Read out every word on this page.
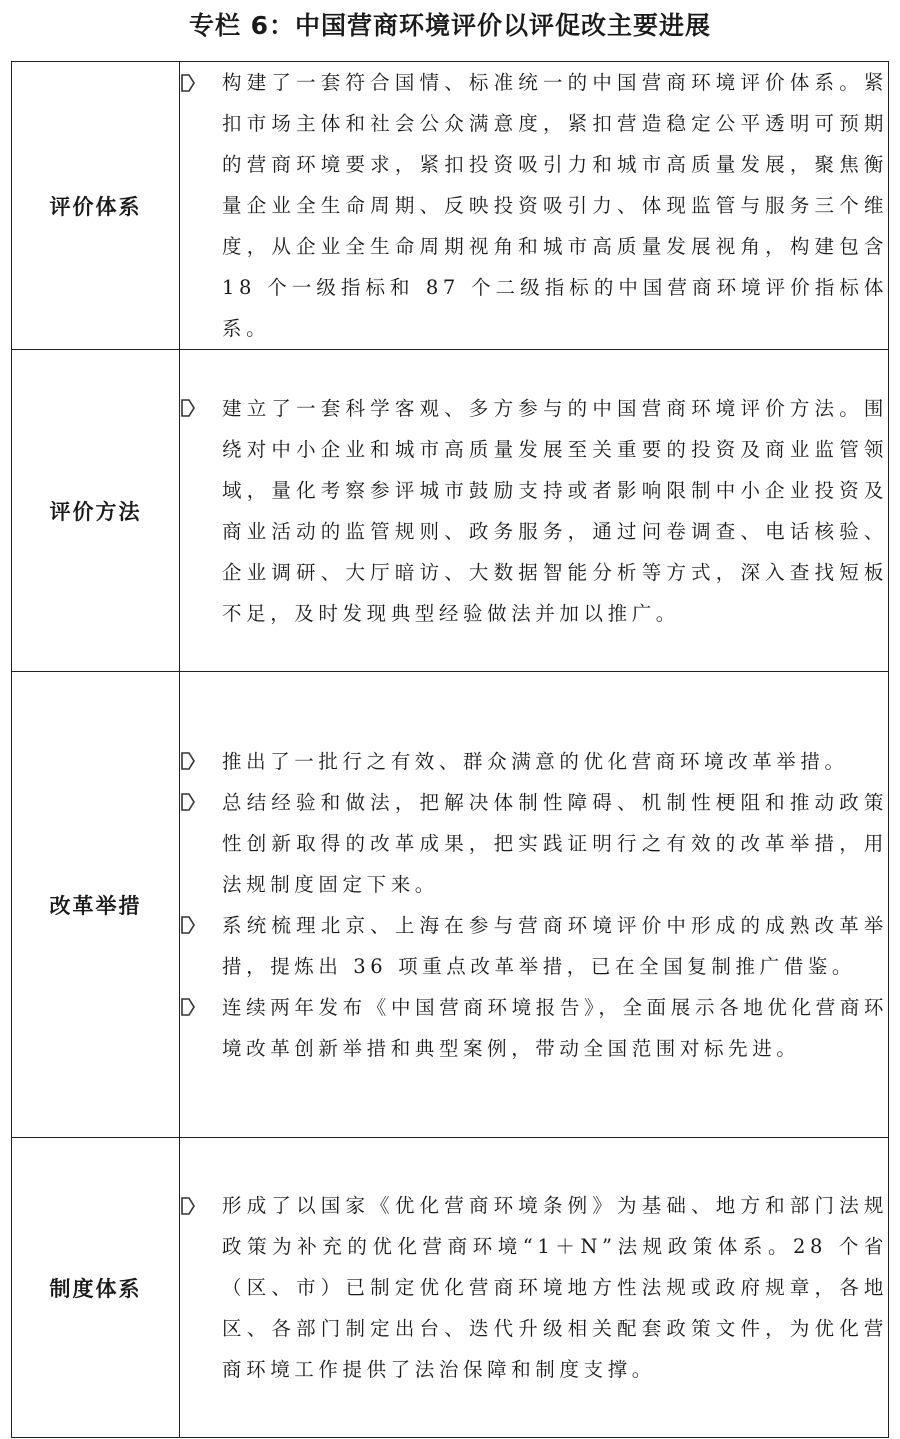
专栏 6：中国营商环境评价以评促改主要进展
评价体系	构建了一套符合国情、标准统一的中国营商环境评价体系。紧扣市场主体和社会公众满意度，紧扣营造稳定公平透明可预期的营商环境要求，紧扣投资吸引力和城市高质量发展，聚焦衡量企业全生命周期、反映投资吸引力、体现监管与服务三个维度，从企业全生命周期视角和城市高质量发展视角，构建包含 18 个一级指标和 87 个二级指标的中国营商环境评价指标体系。

评价方法	建立了一套科学客观、多方参与的中国营商环境评价方法。围绕对中小企业和城市高质量发展至关重要的投资及商业监管领域，量化考察参评城市鼓励支持或者影响限制中小企业投资及商业活动的监管规则、政务服务，通过问卷调查、电话核验、企业调研、大厅暗访、大数据智能分析等方式，深入查找短板不足，及时发现典型经验做法并加以推广。

改革举措	推出了一批行之有效、群众满意的优化营商环境改革举措。
总结经验和做法，把解决体制性障碍、机制性梗阻和推动政策性创新取得的改革成果，把实践证明行之有效的改革举措，用法规制度固定下来。
系统梳理北京、上海在参与营商环境评价中形成的成熟改革举措，提炼出 36 项重点改革举措，已在全国复制推广借鉴。
连续两年发布《中国营商环境报告》，全面展示各地优化营商环境改革创新举措和典型案例，带动全国范围对标先进。

制度体系	形成了以国家《优化营商环境条例》为基础、地方和部门法规政策为补充的优化营商环境“1＋N”法规政策体系。28 个省（区、市）已制定优化营商环境地方性法规或政府规章，各地区、各部门制定出台、迭代升级相关配套政策文件，为优化营商环境工作提供了法治保障和制度支撑。
